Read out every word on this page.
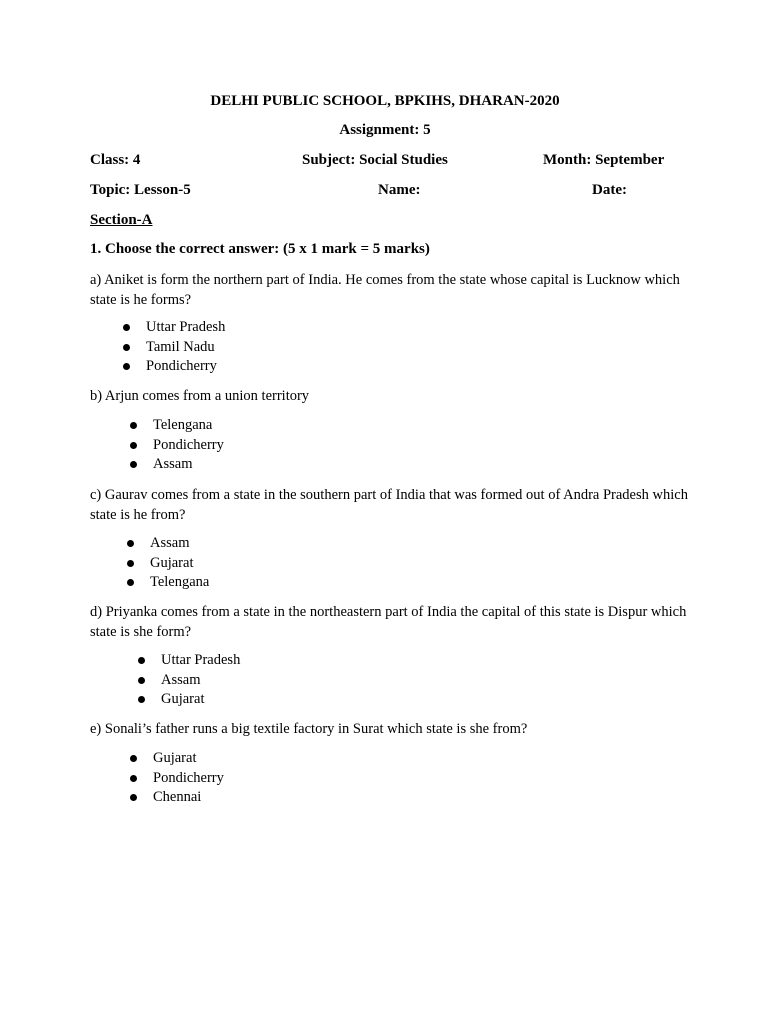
DELHI PUBLIC SCHOOL, BPKIHS, DHARAN-2020
Assignment: 5
Class: 4	Subject: Social Studies	Month: September
Topic: Lesson-5	Name:	Date:
Section-A
1. Choose the correct answer: (5 x 1 mark = 5 marks)
a) Aniket is form the northern part of India. He comes from the state whose capital is Lucknow which state is he forms?
Uttar Pradesh
Tamil Nadu
Pondicherry
b) Arjun comes from a union territory
Telengana
Pondicherry
Assam
c) Gaurav comes from a state in the southern part of India that was formed out of Andra Pradesh which state is he from?
Assam
Gujarat
Telengana
d) Priyanka comes from a state in the northeastern part of India the capital of this state is Dispur which state is she form?
Uttar Pradesh
Assam
Gujarat
e) Sonali’s father runs a big textile factory in Surat which state is she from?
Gujarat
Pondicherry
Chennai
